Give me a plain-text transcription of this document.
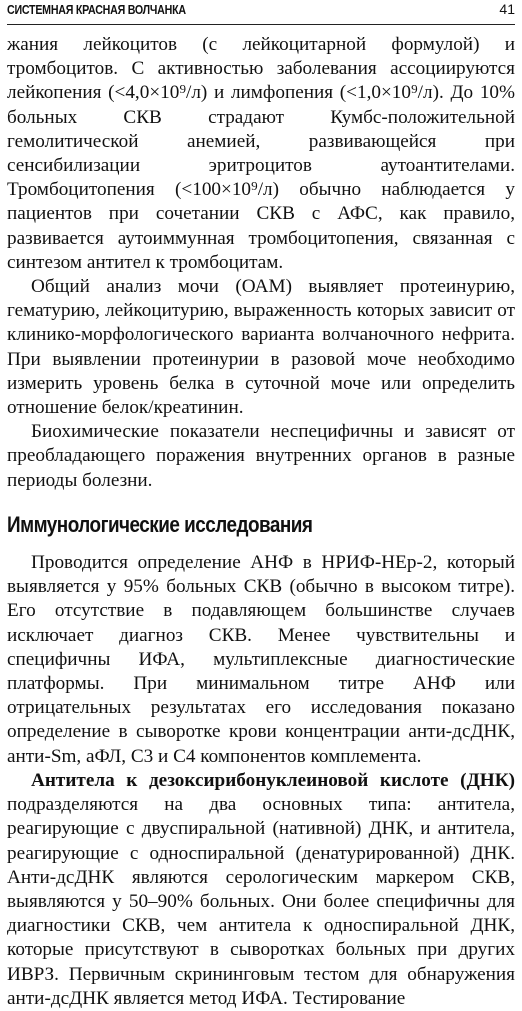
СИСТЕМНАЯ КРАСНАЯ ВОЛЧАНКА	41

жания лейкоцитов (с лейкоцитарной формулой) и тромбоцитов. С активностью заболевания ассоциируются лейкопения (<4,0×10⁹/л) и лимфопения (<1,0×10⁹/л). До 10% больных СКВ страдают Кумбс-положительной гемолитической анемией, развивающейся при сенсибилизации эритроцитов аутоантителами. Тромбоцитопения (<100×10⁹/л) обычно наблюдается у пациентов при сочетании СКВ с АФС, как правило, развивается аутоиммунная тромбоцитопения, связанная с синтезом антител к тромбоцитам.

Общий анализ мочи (ОАМ) выявляет протеинурию, гематурию, лейкоцитурию, выраженность которых зависит от клинико-морфологического варианта волчаночного нефрита. При выявлении протеинурии в разовой моче необходимо измерить уровень белка в суточной моче или определить отношение белок/креатинин.

Биохимические показатели неспецифичны и зависят от преобладающего поражения внутренних органов в разные периоды болезни.

Иммунологические исследования

Проводится определение АНФ в НРИФ-НЕр-2, который выявляется у 95% больных СКВ (обычно в высоком титре). Его отсутствие в подавляющем большинстве случаев исключает диагноз СКВ. Менее чувствительны и специфичны ИФА, мультиплексные диагностические платформы. При минимальном титре АНФ или отрицательных результатах его исследования показано определение в сыворотке крови концентрации анти-дсДНК, анти-Sm, аФЛ, С3 и С4 компонентов комплемента.

Антитела к дезоксирибонуклеиновой кислоте (ДНК) подразделяются на два основных типа: антитела, реагирующие с двуспиральной (нативной) ДНК, и антитела, реагирующие с односпиральной (денатурированной) ДНК. Анти-дсДНК являются серологическим маркером СКВ, выявляются у 50–90% больных. Они более специфичны для диагностики СКВ, чем антитела к односпиральной ДНК, которые присутствуют в сыворотках больных при других ИВРЗ. Первичным скрининговым тестом для обнаружения анти-дсДНК является метод ИФА. Тестирование
